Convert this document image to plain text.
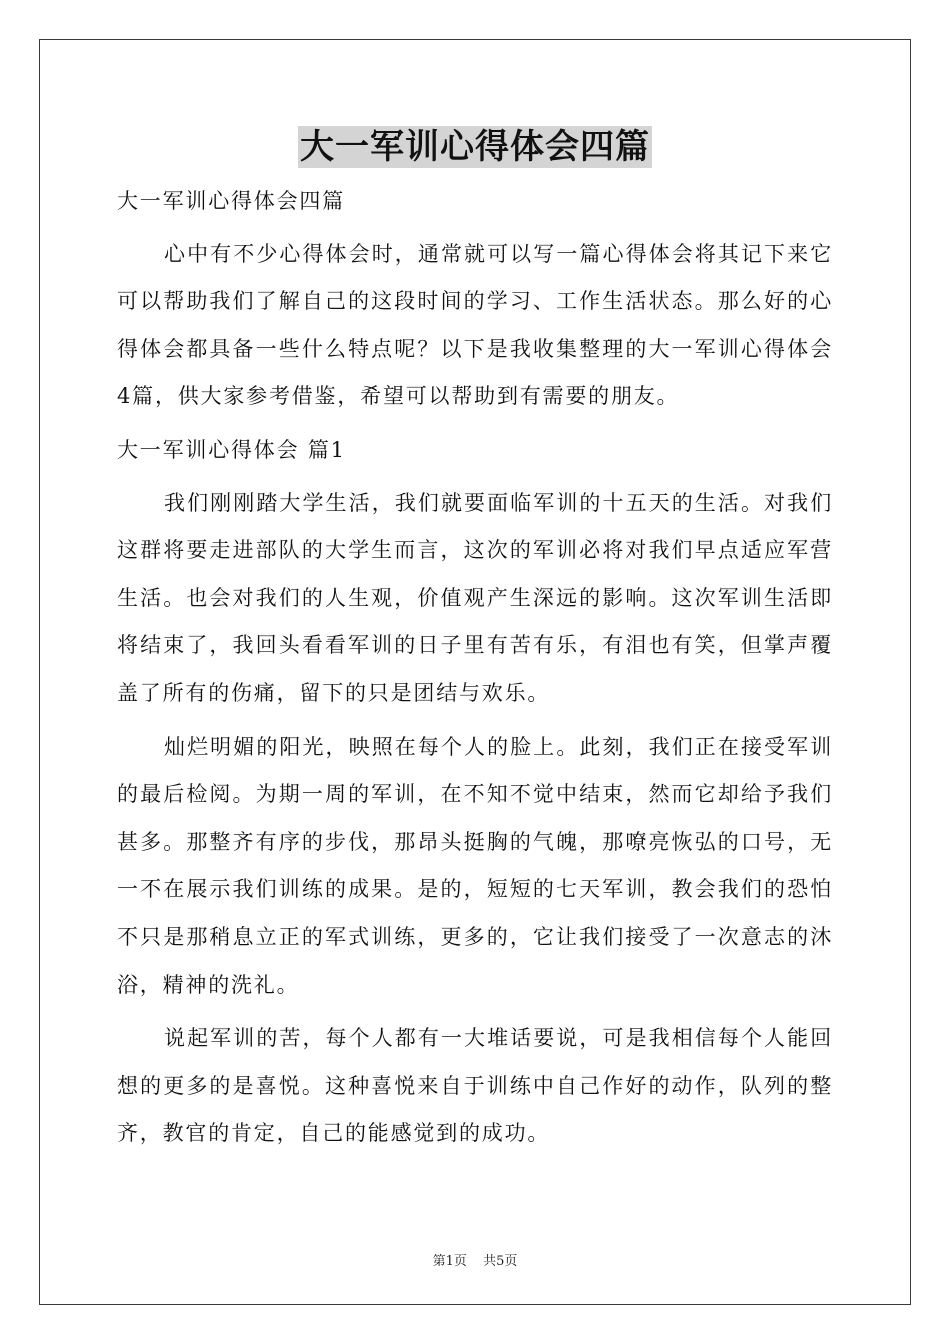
大一军训心得体会四篇

大一军训心得体会四篇

心中有不少心得体会时，通常就可以写一篇心得体会将其记下来它可以帮助我们了解自己的这段时间的学习、工作生活状态。那么好的心得体会都具备一些什么特点呢？以下是我收集整理的大一军训心得体会4篇，供大家参考借鉴，希望可以帮助到有需要的朋友。

大一军训心得体会 篇1

我们刚刚踏大学生活，我们就要面临军训的十五天的生活。对我们这群将要走进部队的大学生而言，这次的军训必将对我们早点适应军营生活。也会对我们的人生观，价值观产生深远的影响。这次军训生活即将结束了，我回头看看军训的日子里有苦有乐，有泪也有笑，但掌声覆盖了所有的伤痛，留下的只是团结与欢乐。

灿烂明媚的阳光，映照在每个人的脸上。此刻，我们正在接受军训的最后检阅。为期一周的军训，在不知不觉中结束，然而它却给予我们甚多。那整齐有序的步伐，那昂头挺胸的气魄，那嘹亮恢弘的口号，无一不在展示我们训练的成果。是的，短短的七天军训，教会我们的恐怕不只是那稍息立正的军式训练，更多的，它让我们接受了一次意志的沐浴，精神的洗礼。

说起军训的苦，每个人都有一大堆话要说，可是我相信每个人能回想的更多的是喜悦。这种喜悦来自于训练中自己作好的动作，队列的整齐，教官的肯定，自己的能感觉到的成功。

第1页 共5页
